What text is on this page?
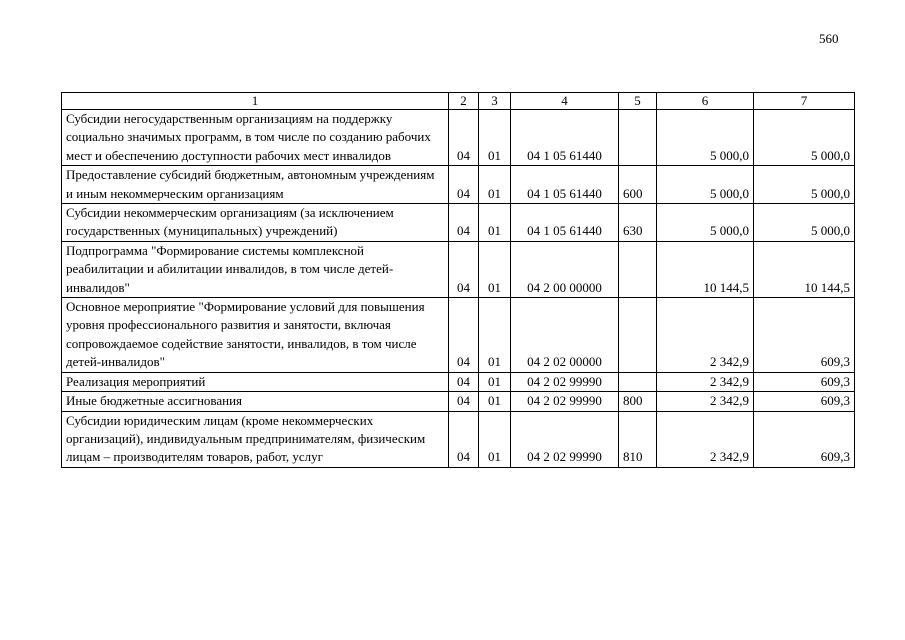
560
1	2	3	4	5	6	7
Субсидии негосударственным организациям на поддержку социально значимых программ, в том числе по созданию рабочих мест и обеспечению доступности рабочих мест инвалидов	04	01	04 1 05 61440		5 000,0	5 000,0
Предоставление субсидий бюджетным, автономным учреждениям и иным некоммерческим организациям	04	01	04 1 05 61440	600	5 000,0	5 000,0
Субсидии некоммерческим организациям (за исключением государственных (муниципальных) учреждений)	04	01	04 1 05 61440	630	5 000,0	5 000,0
Подпрограмма "Формирование системы комплексной реабилитации и абилитации инвалидов, в том числе детей-инвалидов"	04	01	04 2 00 00000		10 144,5	10 144,5
Основное мероприятие "Формирование условий для повышения уровня профессионального развития и занятости, включая сопровождаемое содействие занятости, инвалидов, в том числе детей-инвалидов"	04	01	04 2 02 00000		2 342,9	609,3
Реализация мероприятий	04	01	04 2 02 99990		2 342,9	609,3
Иные бюджетные ассигнования	04	01	04 2 02 99990	800	2 342,9	609,3
Субсидии юридическим лицам (кроме некоммерческих организаций), индивидуальным предпринимателям, физическим лицам – производителям товаров, работ, услуг	04	01	04 2 02 99990	810	2 342,9	609,3
